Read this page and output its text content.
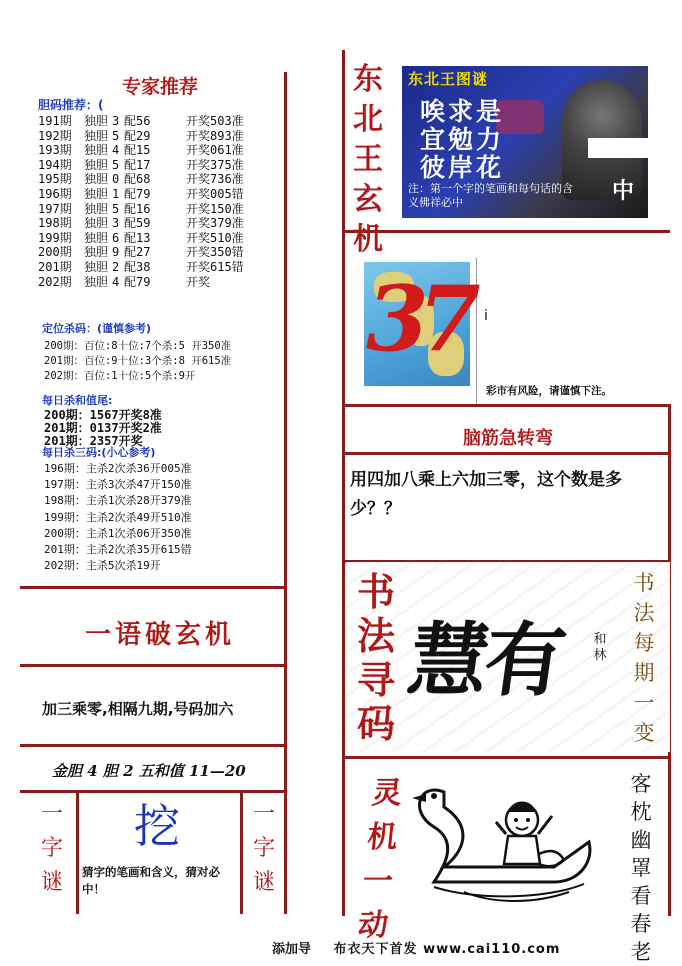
专家推荐
胆码推荐：(
191期 独胆 3 配56	开奖503准
192期 独胆 5 配29	开奖893准
193期 独胆 4 配15	开奖061准
194期 独胆 5 配17	开奖375准
195期 独胆 0 配68	开奖736准
196期 独胆 1 配79	开奖005错
197期 独胆 5 配16	开奖150准
198期 独胆 3 配59	开奖379准
199期 独胆 6 配13	开奖510准
200期 独胆 9 配27	开奖350错
201期 独胆 2 配38	开奖615错
202期 独胆 4 配79	开奖
定位杀码：(谨慎参考)
200期：百位:8十位:7个杀:5 开350准
201期：百位:9十位:3个杀:8 开615准
202期：百位:1十位:5个杀:9开
每日杀和值尾:
200期：1567开奖8准
201期：0137开奖2准
201期：2357开奖
每日杀三码:(小心参考)
196期：主杀2次杀36开005准
197期：主杀3次杀47开150准
198期：主杀1次杀28开379准
199期：主杀2次杀49开510准
200期：主杀1次杀06开350准
201期：主杀2次杀35开615错
202期：主杀5次杀19开
一语破玄机
加三乘零,相隔九期,号码加六
金胆 4 胆 2 五和值 11—20
一
字
谜
一
字
谜
挖
猜字的笔画和含义，猜对必中！
东
北
王
玄
机
东北王图谜
唉求是
宜勉力
彼岸花
注：第一个字的笔画和每句话的含义佛祥必中	中
3
7 i
彩市有风险，请谨慎下注。
脑筋急转弯
用四加八乘上六加三零，这个数是多少？？
书
法
寻
码
慧有	和林
书
法
每
期
一
变
灵
机
一
动
客
枕
幽
罩
看
春
老
添加导 布衣天下首发 www.cai110.com
